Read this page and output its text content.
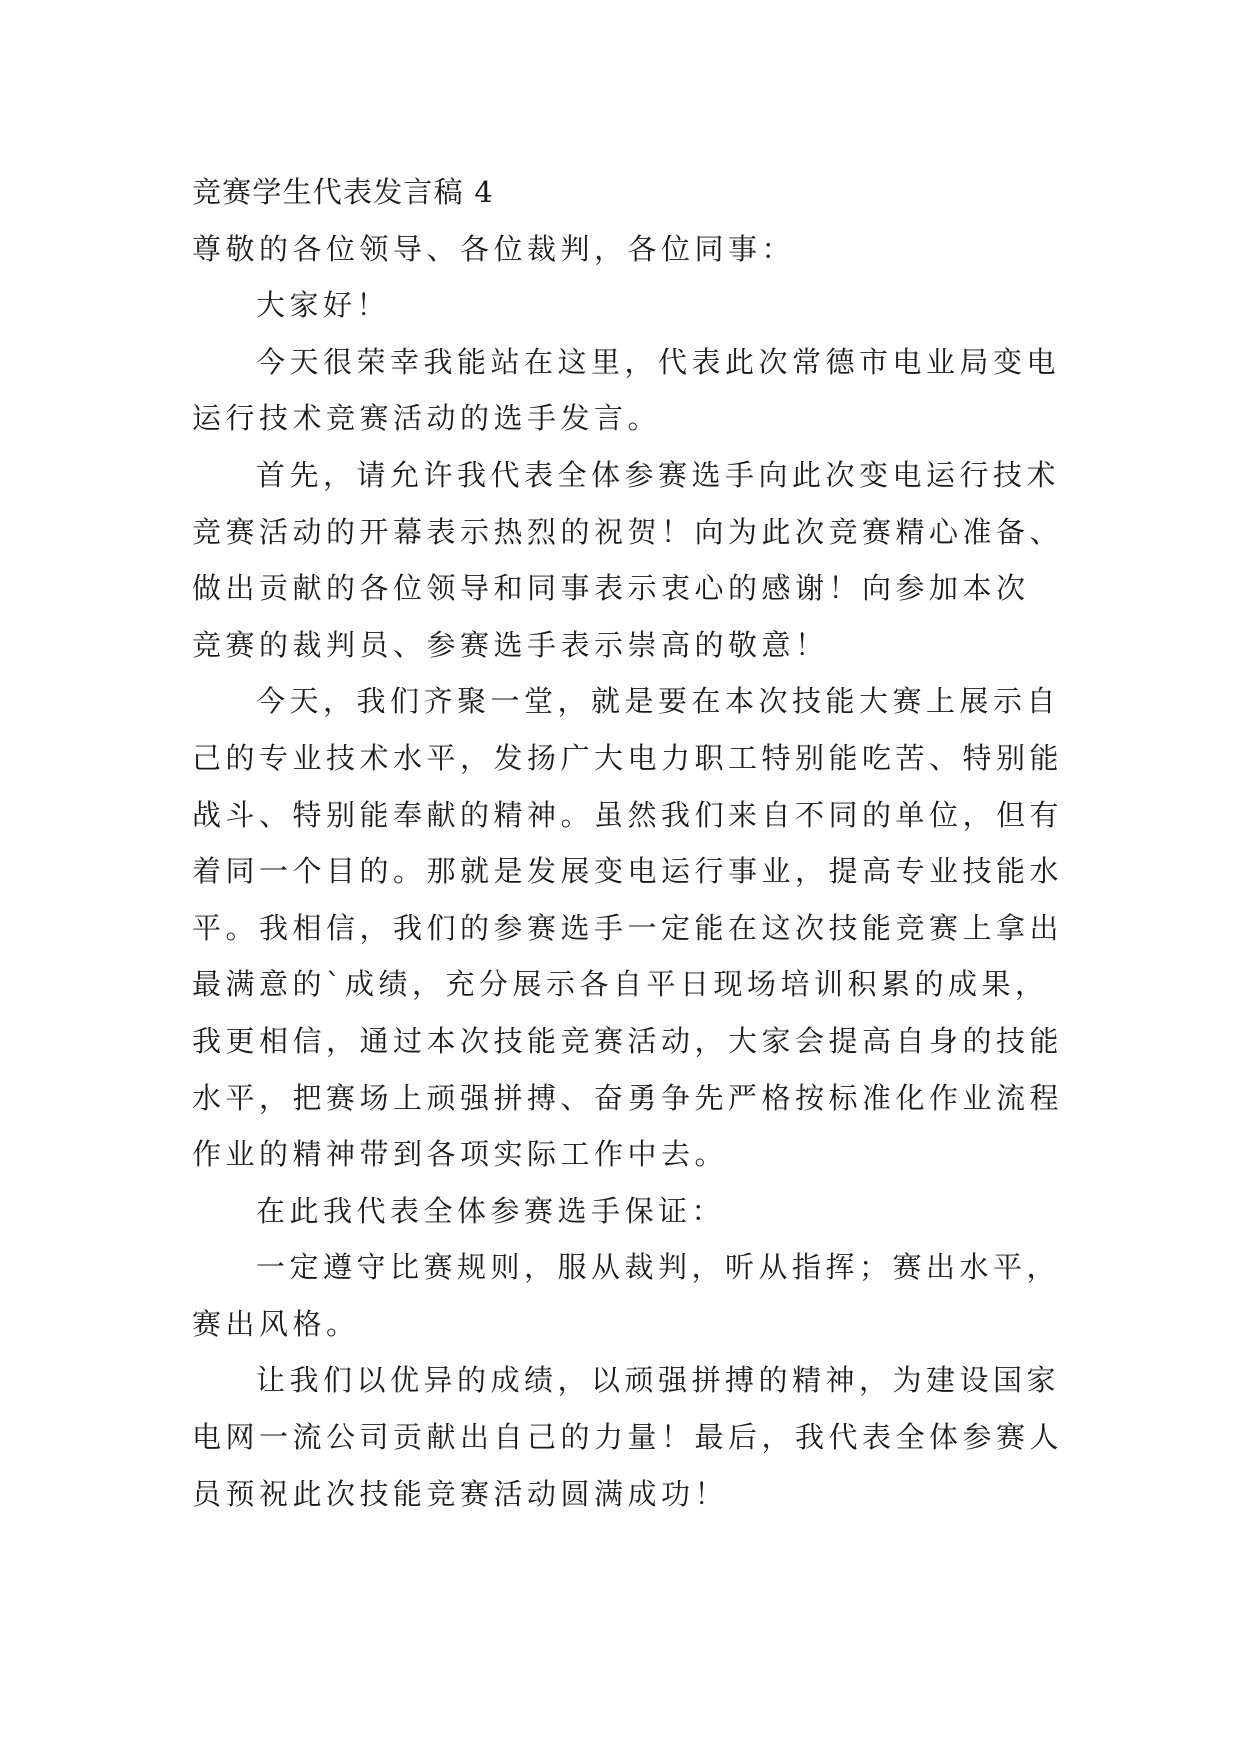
竞赛学生代表发言稿 4
尊敬的各位领导、各位裁判，各位同事：
大家好！
今天很荣幸我能站在这里，代表此次常德市电业局变电
运行技术竞赛活动的选手发言。
首先，请允许我代表全体参赛选手向此次变电运行技术
竞赛活动的开幕表示热烈的祝贺！向为此次竞赛精心准备、
做出贡献的各位领导和同事表示衷心的感谢！向参加本次
竞赛的裁判员、参赛选手表示崇高的敬意！
今天，我们齐聚一堂，就是要在本次技能大赛上展示自
己的专业技术水平，发扬广大电力职工特别能吃苦、特别能
战斗、特别能奉献的精神。虽然我们来自不同的单位，但有
着同一个目的。那就是发展变电运行事业，提高专业技能水
平。我相信，我们的参赛选手一定能在这次技能竞赛上拿出
最满意的`成绩，充分展示各自平日现场培训积累的成果，
我更相信，通过本次技能竞赛活动，大家会提高自身的技能
水平，把赛场上顽强拼搏、奋勇争先严格按标准化作业流程
作业的精神带到各项实际工作中去。
在此我代表全体参赛选手保证：
一定遵守比赛规则，服从裁判，听从指挥；赛出水平，
赛出风格。
让我们以优异的成绩，以顽强拼搏的精神，为建设国家
电网一流公司贡献出自己的力量！最后，我代表全体参赛人
员预祝此次技能竞赛活动圆满成功！
